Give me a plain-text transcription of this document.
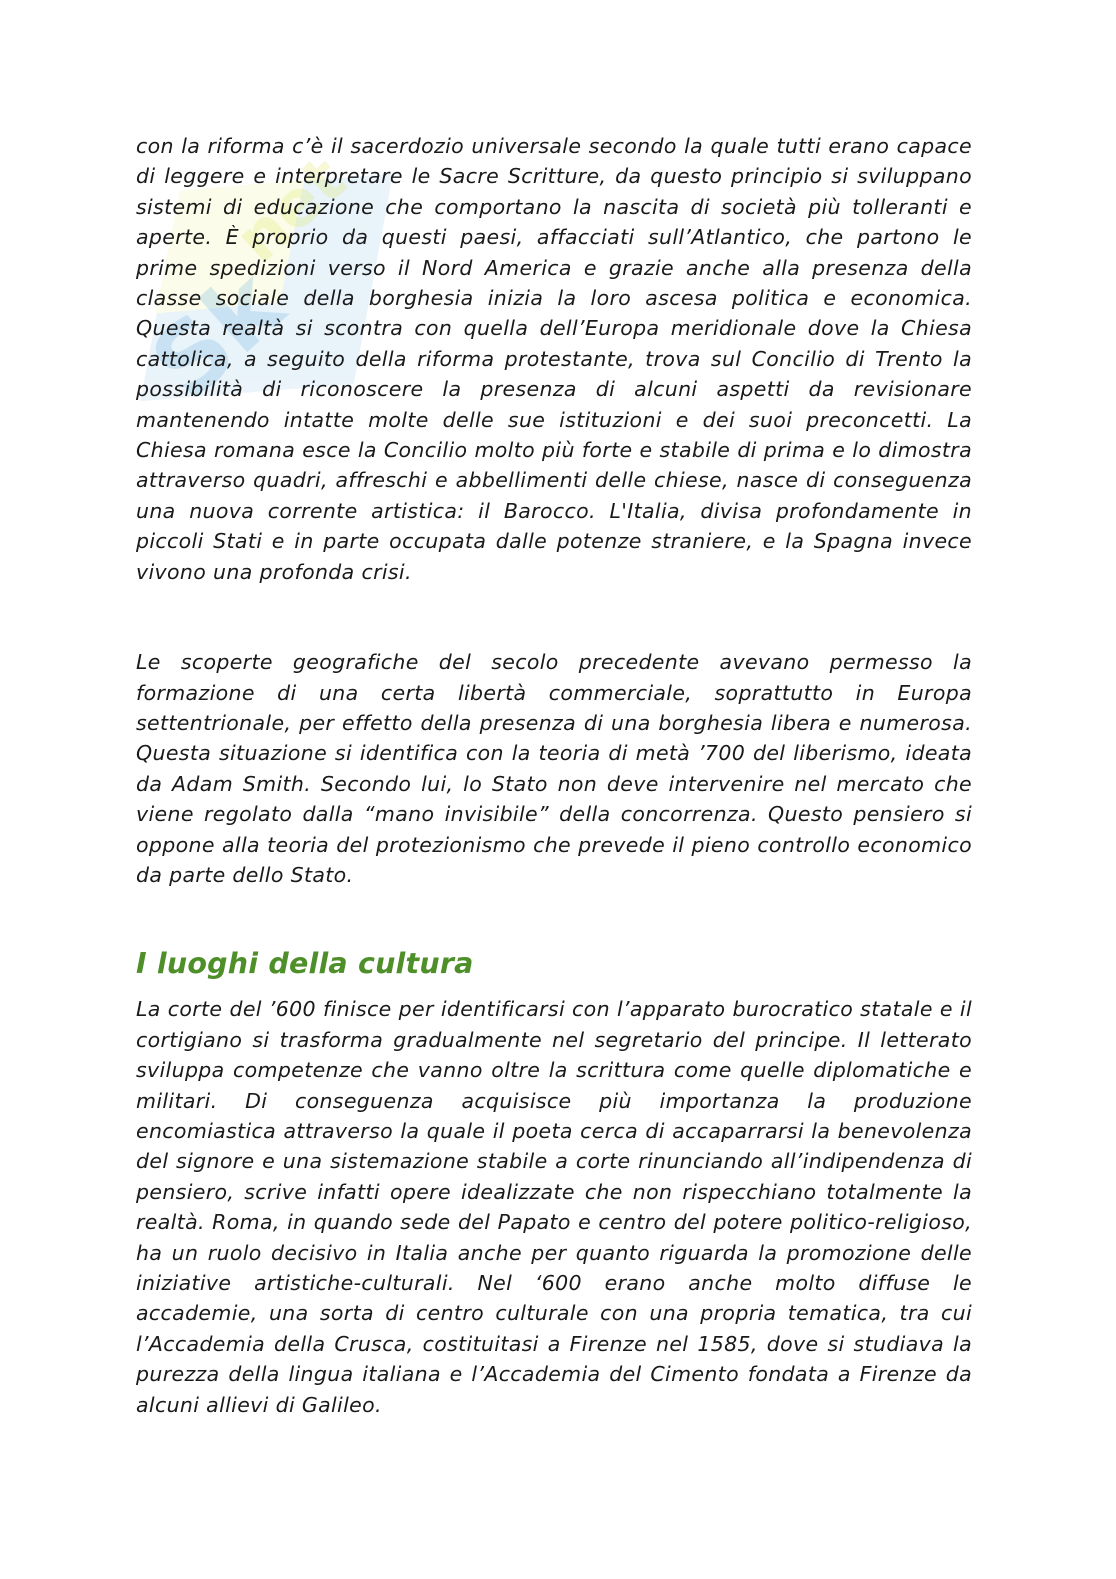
Sk
net

con la riforma c’è il sacerdozio universale secondo la quale tutti erano capace di leggere e interpretare le Sacre Scritture, da questo principio si sviluppano sistemi di educazione che comportano la nascita di società più tolleranti e aperte. È proprio da questi paesi, affacciati sull’Atlantico, che partono le prime spedizioni verso il Nord America e grazie anche alla presenza della classe sociale della borghesia inizia la loro ascesa politica e economica. Questa realtà si scontra con quella dell’Europa meridionale dove la Chiesa cattolica, a seguito della riforma protestante, trova sul Concilio di Trento la possibilità di riconoscere la presenza di alcuni aspetti da revisionare mantenendo intatte molte delle sue istituzioni e dei suoi preconcetti. La Chiesa romana esce la Concilio molto più forte e stabile di prima e lo dimostra attraverso quadri, affreschi e abbellimenti delle chiese, nasce di conseguenza una nuova corrente artistica: il Barocco. L'Italia, divisa profondamente in piccoli Stati e in parte occupata dalle potenze straniere, e la Spagna invece vivono una profonda crisi.

Le scoperte geografiche del secolo precedente avevano permesso la formazione di una certa libertà commerciale, soprattutto in Europa settentrionale, per effetto della presenza di una borghesia libera e numerosa. Questa situazione si identifica con la teoria di metà ’700 del liberismo, ideata da Adam Smith. Secondo lui, lo Stato non deve intervenire nel mercato che viene regolato dalla “mano invisibile” della concorrenza. Questo pensiero si oppone alla teoria del protezionismo che prevede il pieno controllo economico da parte dello Stato.

I luoghi della cultura

La corte del ’600 finisce per identificarsi con l’apparato burocratico statale e il cortigiano si trasforma gradualmente nel segretario del principe. Il letterato sviluppa competenze che vanno oltre la scrittura come quelle diplomatiche e militari. Di conseguenza acquisisce più importanza la produzione encomiastica attraverso la quale il poeta cerca di accaparrarsi la benevolenza del signore e una sistemazione stabile a corte rinunciando all’indipendenza di pensiero, scrive infatti opere idealizzate che non rispecchiano totalmente la realtà. Roma, in quando sede del Papato e centro del potere politico-religioso, ha un ruolo decisivo in Italia anche per quanto riguarda la promozione delle iniziative artistiche-culturali. Nel ‘600 erano anche molto diffuse le accademie, una sorta di centro culturale con una propria tematica, tra cui l’Accademia della Crusca, costituitasi a Firenze nel 1585, dove si studiava la purezza della lingua italiana e l’Accademia del Cimento fondata a Firenze da alcuni allievi di Galileo.
